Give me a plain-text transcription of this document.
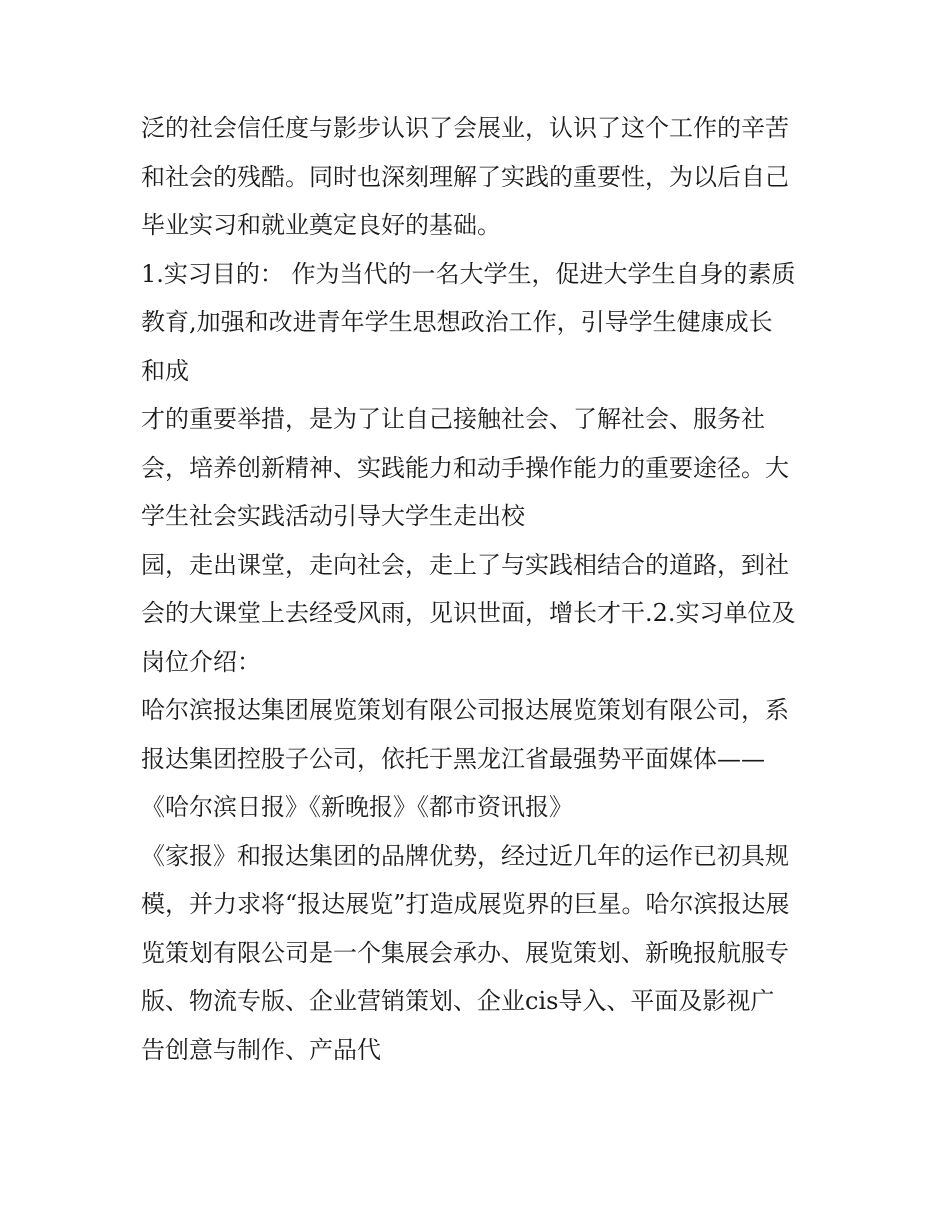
泛的社会信任度与影步认识了会展业，认识了这个工作的辛苦
和社会的残酷。同时也深刻理解了实践的重要性，为以后自己
毕业实习和就业奠定良好的基础。
1.实习目的： 作为当代的一名大学生，促进大学生自身的素质
教育,加强和改进青年学生思想政治工作，引导学生健康成长
和成
才的重要举措，是为了让自己接触社会、了解社会、服务社
会，培养创新精神、实践能力和动手操作能力的重要途径。大
学生社会实践活动引导大学生走出校
园，走出课堂，走向社会，走上了与实践相结合的道路，到社
会的大课堂上去经受风雨，见识世面，增长才干.2.实习单位及
岗位介绍：
哈尔滨报达集团展览策划有限公司报达展览策划有限公司，系
报达集团控股子公司，依托于黑龙江省最强势平面媒体——
《哈尔滨日报》《新晚报》《都市资讯报》
《家报》和报达集团的品牌优势，经过近几年的运作已初具规
模，并力求将“报达展览”打造成展览界的巨星。哈尔滨报达展
览策划有限公司是一个集展会承办、展览策划、新晚报航服专
版、物流专版、企业营销策划、企业cis导入、平面及影视广
告创意与制作、产品代
